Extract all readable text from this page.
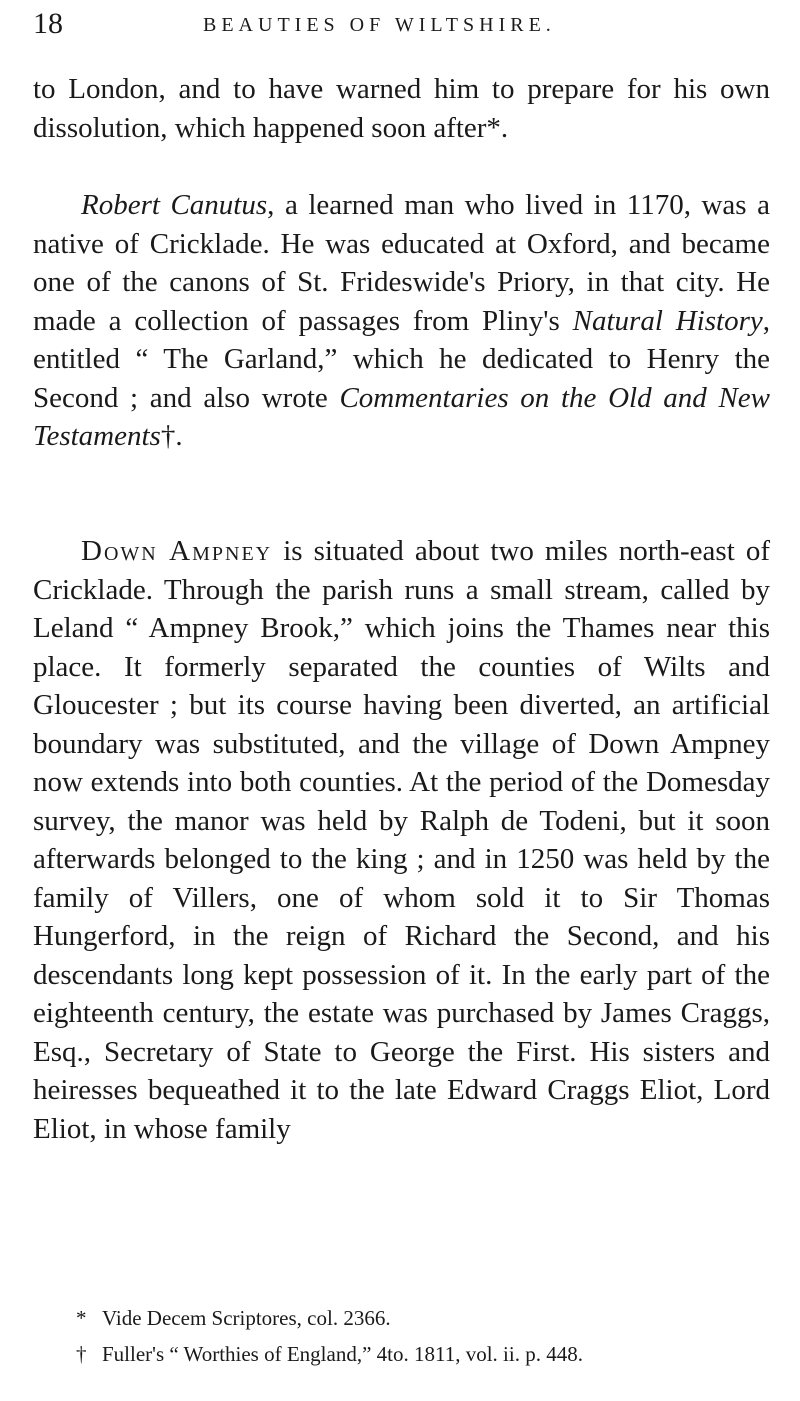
18	BEAUTIES OF WILTSHIRE.

to London, and to have warned him to prepare for his own dissolution, which happened soon after*.

Robert Canutus, a learned man who lived in 1170, was a native of Cricklade. He was educated at Oxford, and became one of the canons of St. Frideswide's Priory, in that city. He made a collection of passages from Pliny's Natural History, entitled “ The Garland,” which he dedicated to Henry the Second ; and also wrote Commentaries on the Old and New Testaments†.

Down Ampney is situated about two miles north-east of Cricklade. Through the parish runs a small stream, called by Leland “ Ampney Brook,” which joins the Thames near this place. It formerly separated the counties of Wilts and Gloucester ; but its course having been diverted, an artificial boundary was substituted, and the village of Down Ampney now extends into both counties. At the period of the Domesday survey, the manor was held by Ralph de Todeni, but it soon afterwards belonged to the king ; and in 1250 was held by the family of Villers, one of whom sold it to Sir Thomas Hungerford, in the reign of Richard the Second, and his descendants long kept possession of it. In the early part of the eighteenth century, the estate was purchased by James Craggs, Esq., Secretary of State to George the First. His sisters and heiresses bequeathed it to the late Edward Craggs Eliot, Lord Eliot, in whose family

* Vide Decem Scriptores, col. 2366.
† Fuller's “ Worthies of England,” 4to. 1811, vol. ii. p. 448.
